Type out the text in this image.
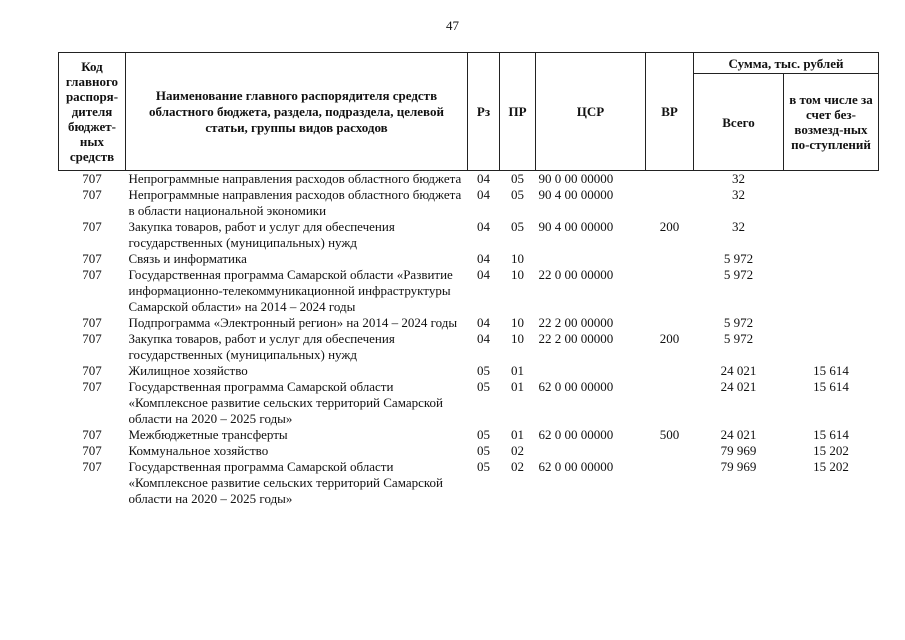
47
Код главного распоря-дителя бюджет-ных средств	Наименование главного распорядителя средств областного бюджета, раздела, подраздела, целевой статьи, группы видов расходов	Рз	ПР	ЦСР	ВР	Сумма, тыс. рублей	
						Всего	в том числе за счет без-возмезд-ных по-ступлений
707	Непрограммные направления расходов областного бюджета	04	05	90 0 00 00000		32	
707	Непрограммные направления расходов областного бюджета в области национальной экономики	04	05	90 4 00 00000		32	
707	Закупка товаров, работ и услуг для обеспечения государственных (муниципальных) нужд	04	05	90 4 00 00000	200	32	
707	Связь и информатика	04	10			5 972	
707	Государственная программа Самарской области «Развитие информационно-телекоммуникационной инфраструктуры Самарской области» на 2014 – 2024 годы	04	10	22 0 00 00000		5 972	
707	Подпрограмма «Электронный регион» на 2014 – 2024 годы	04	10	22 2 00 00000		5 972	
707	Закупка товаров, работ и услуг для обеспечения государственных (муниципальных) нужд	04	10	22 2 00 00000	200	5 972	
707	Жилищное хозяйство	05	01			24 021	15 614
707	Государственная программа Самарской области «Комплексное развитие сельских территорий Самарской области на 2020 – 2025 годы»	05	01	62 0 00 00000		24 021	15 614
707	Межбюджетные трансферты	05	01	62 0 00 00000	500	24 021	15 614
707	Коммунальное хозяйство	05	02			79 969	15 202
707	Государственная программа Самарской области «Комплексное развитие сельских территорий Самарской области на 2020 – 2025 годы»	05	02	62 0 00 00000		79 969	15 202
